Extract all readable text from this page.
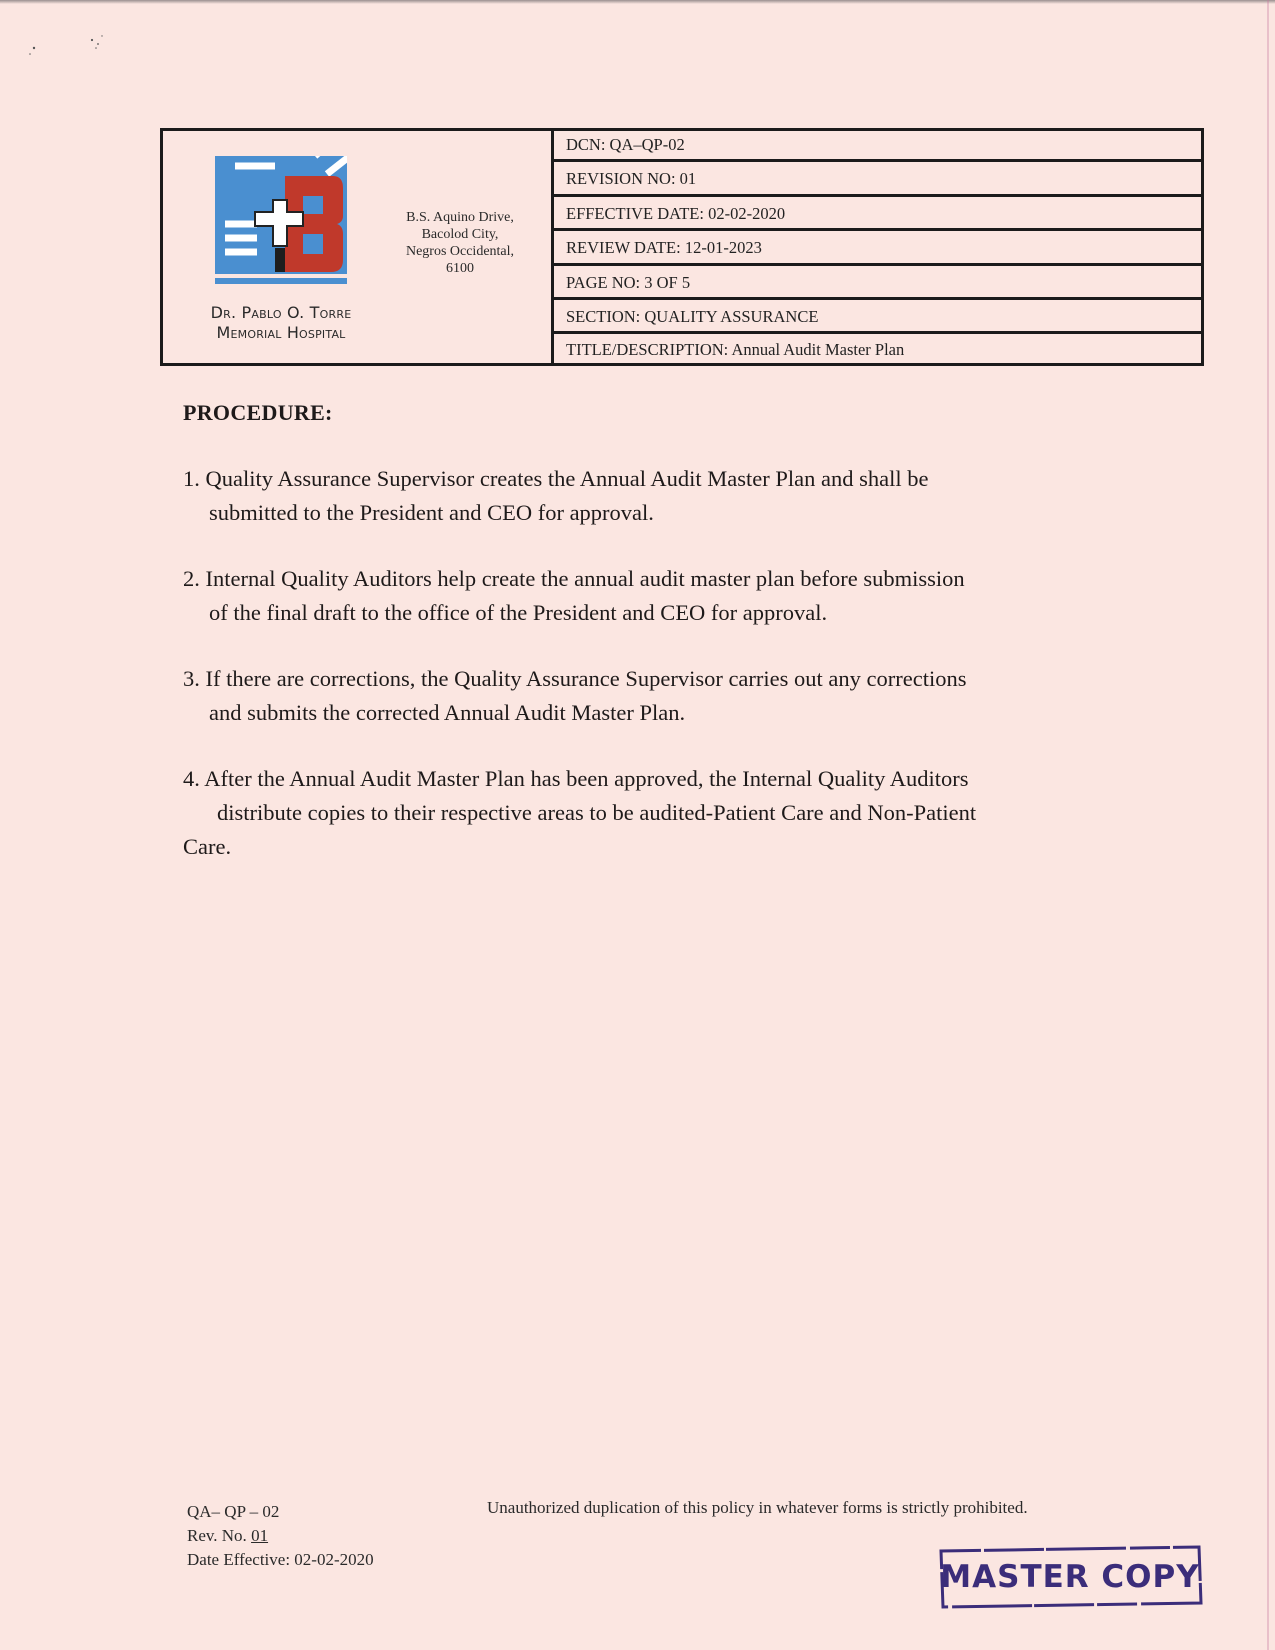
Dr. Pablo O. Torre
Memorial Hospital
B.S. Aquino Drive,
Bacolod City,
Negros Occidental,
6100
DCN: QA–QP-02
REVISION NO: 01
EFFECTIVE DATE: 02-02-2020
REVIEW DATE: 12-01-2023
PAGE NO: 3 OF 5
SECTION: QUALITY ASSURANCE
TITLE/DESCRIPTION: Annual Audit Master Plan
PROCEDURE:

1. Quality Assurance Supervisor creates the Annual Audit Master Plan and shall be
submitted to the President and CEO for approval.

2. Internal Quality Auditors help create the annual audit master plan before submission
of the final draft to the office of the President and CEO for approval.

3. If there are corrections, the Quality Assurance Supervisor carries out any corrections
and submits the corrected Annual Audit Master Plan.

4. After the Annual Audit Master Plan has been approved, the Internal Quality Auditors
distribute copies to their respective areas to be audited-Patient Care and Non-Patient
Care.

QA– QP – 02
Rev. No. 01
Date Effective: 02-02-2020
Unauthorized duplication of this policy in whatever forms is strictly prohibited.
MASTER COPY
